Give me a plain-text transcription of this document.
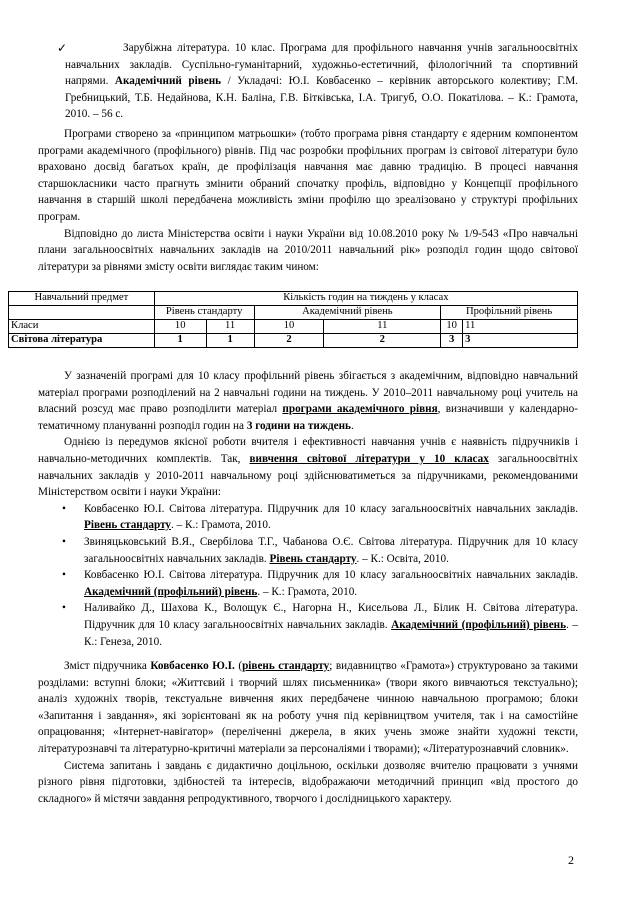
✓	Зарубіжна література. 10 клас. Програма для профільного навчання учнів загальноосвітніх навчальних закладів. Суспільно-гуманітарний, художньо-естетичний, філологічний та спортивний напрями. Академічний рівень / Укладачі: Ю.І. Ковбасенко – керівник авторського колективу; Г.М. Гребницький, Т.Б. Недайнова, К.Н. Баліна, Г.В. Бітківська, І.А. Тригуб, О.О. Покатілова. – К.: Грамота, 2010. – 56 с.

Програми створено за «принципом матрьошки» (тобто програма рівня стандарту є ядерним компонентом програми академічного (профільного) рівнів. Під час розробки профільних програм із світової літератури було враховано досвід багатьох країн, де профілізація навчання має давню традицію. В процесі навчання старшокласники часто прагнуть змінити обраний спочатку профіль, відповідно у Концепції профільного навчання в старшій школі передбачена можливість зміни профілю що зреалізовано у структурі профільних програм.

Відповідно до листа Міністерства освіти і науки України від 10.08.2010 року № 1/9-543 «Про навчальні плани загальноосвітніх навчальних закладів на 2010/2011 навчальний рік» розподіл годин щодо світової літератури за рівнями змісту освіти виглядає таким чином:

Навчальний предмет	Кількість годин на тиждень у класах					
	Рівень стандарту		Академічний рівень		Профільний рівень	
Класи	10	11	10	11	10	11
Світова література	1	1	2	2	3	3

У зазначеній програмі для 10 класу профільний рівень збігається з академічним, відповідно навчальний матеріал програми розподілений на 2 навчальні години на тиждень. У 2010–2011 навчальному році учитель на власний розсуд має право розподілити матеріал програми академічного рівня, визначивши у календарно-тематичному плануванні розподіл годин на 3 години на тиждень.

Однією із передумов якісної роботи вчителя і ефективності навчання учнів є наявність підручників і навчально-методичних комплектів. Так, вивчення світової літератури у 10 класах загальноосвітніх навчальних закладів у 2010-2011 навчальному році здійснюватиметься за підручниками, рекомендованими Міністерством освіти і науки України:

• Ковбасенко Ю.І. Світова література. Підручник для 10 класу загальноосвітніх навчальних закладів. Рівень стандарту. – К.: Грамота, 2010.
• Звиняцьковський В.Я., Свербілова Т.Г., Чабанова О.Є. Світова література. Підручник для 10 класу загальноосвітніх навчальних закладів. Рівень стандарту. – К.: Освіта, 2010.
• Ковбасенко Ю.І. Світова література. Підручник для 10 класу загальноосвітніх навчальних закладів. Академічний (профільний) рівень. – К.: Грамота, 2010.
• Наливайко Д., Шахова К., Волощук Є., Нагорна Н., Кисельова Л., Білик Н. Світова література. Підручник для 10 класу загальноосвітніх навчальних закладів. Академічний (профільний) рівень. – К.: Генеза, 2010.

Зміст підручника Ковбасенко Ю.І. (рівень стандарту; видавництво «Грамота») структуровано за такими розділами: вступні блоки; «Життєвий і творчий шлях письменника» (твори якого вивчаються текстуально); аналіз художніх творів, текстуальне вивчення яких передбачене чинною навчальною програмою; блоки «Запитання і завдання», які зорієнтовані як на роботу учня під керівництвом учителя, так і на самостійне опрацювання; «Інтернет-навігатор» (переліченні джерела, в яких учень зможе знайти художні тексти, літературознавчі та літературно-критичні матеріали за персоналіями і творами); «Літературознавчий словник».

Система запитань і завдань є дидактично доцільною, оскільки дозволяє вчителю працювати з учнями різного рівня підготовки, здібностей та інтересів, відображаючи методичний принцип «від простого до складного» й містячи завдання репродуктивного, творчого і дослідницького характеру.

2
